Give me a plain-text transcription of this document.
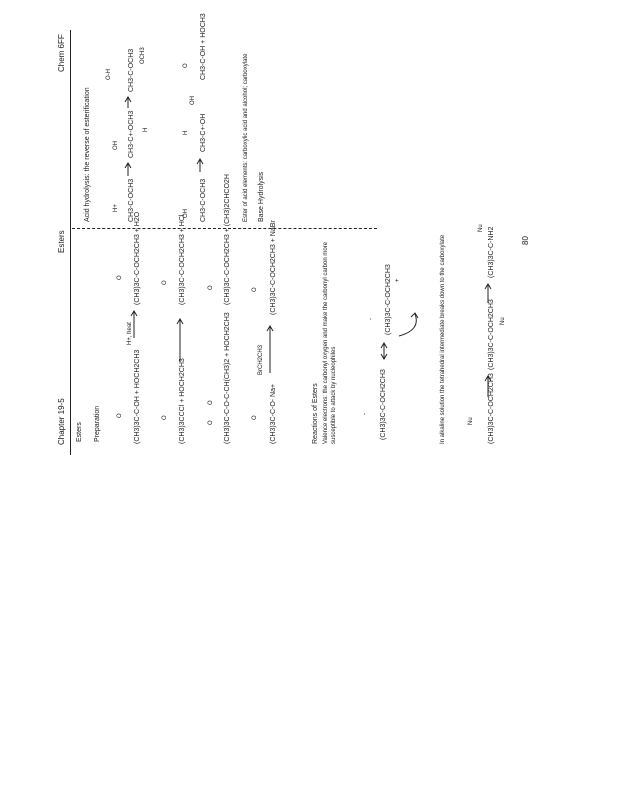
Chapter 19-5
Esters
Chem 6FF
Esters Preparation	O (CH3)3C-C-OH + HOCH2CH3
H+, heat
O (CH3)3C-C-OCH2CH3 + H2O
O (CH3)3CCCl + HOCH2CH3
O (CH3)3C-C-OCH2CH3 + HCl
O
O (CH3)3C-C-O-C-CH(CH3)2 + HOCH2CH3
O (CH3)3C-C-OCH2CH3 + (CH3)2CHCO2H
O (CH3)3C-C-O- Na+
BrCH2CH3
O (CH3)3C-C-OCH2CH3 + NaBr
Reactions of Esters Valence electrons: the carbonyl oxygen and make the carbonyl carbon more susceptible to attack by nucleophiles	- (CH3)3C-C-OCH2CH3
- (CH3)3C-C-OCH2CH3 +	In alkaline solution the tetrahedral intermediate breaks down to the carboxylate	Nu (CH3)3C-C-OCH2CH3
(CH3)3C-C-OCH2CH3 Nu
(CH3)3C-C-NH2
Nu
80
Acid hydrolysis: the reverse of esterification	H+ CH3-C-OCH3
OH CH3-C+-OCH3 H
O-H CH3-C-OCH3 OCH3
OH CH3-C-OCH3
H CH3-C+-OH
OH
O CH3-C-OH + HOCH3
Ester of acid elements: carboxylic acid and alcohol; carboxylate Base Hydrolysis
